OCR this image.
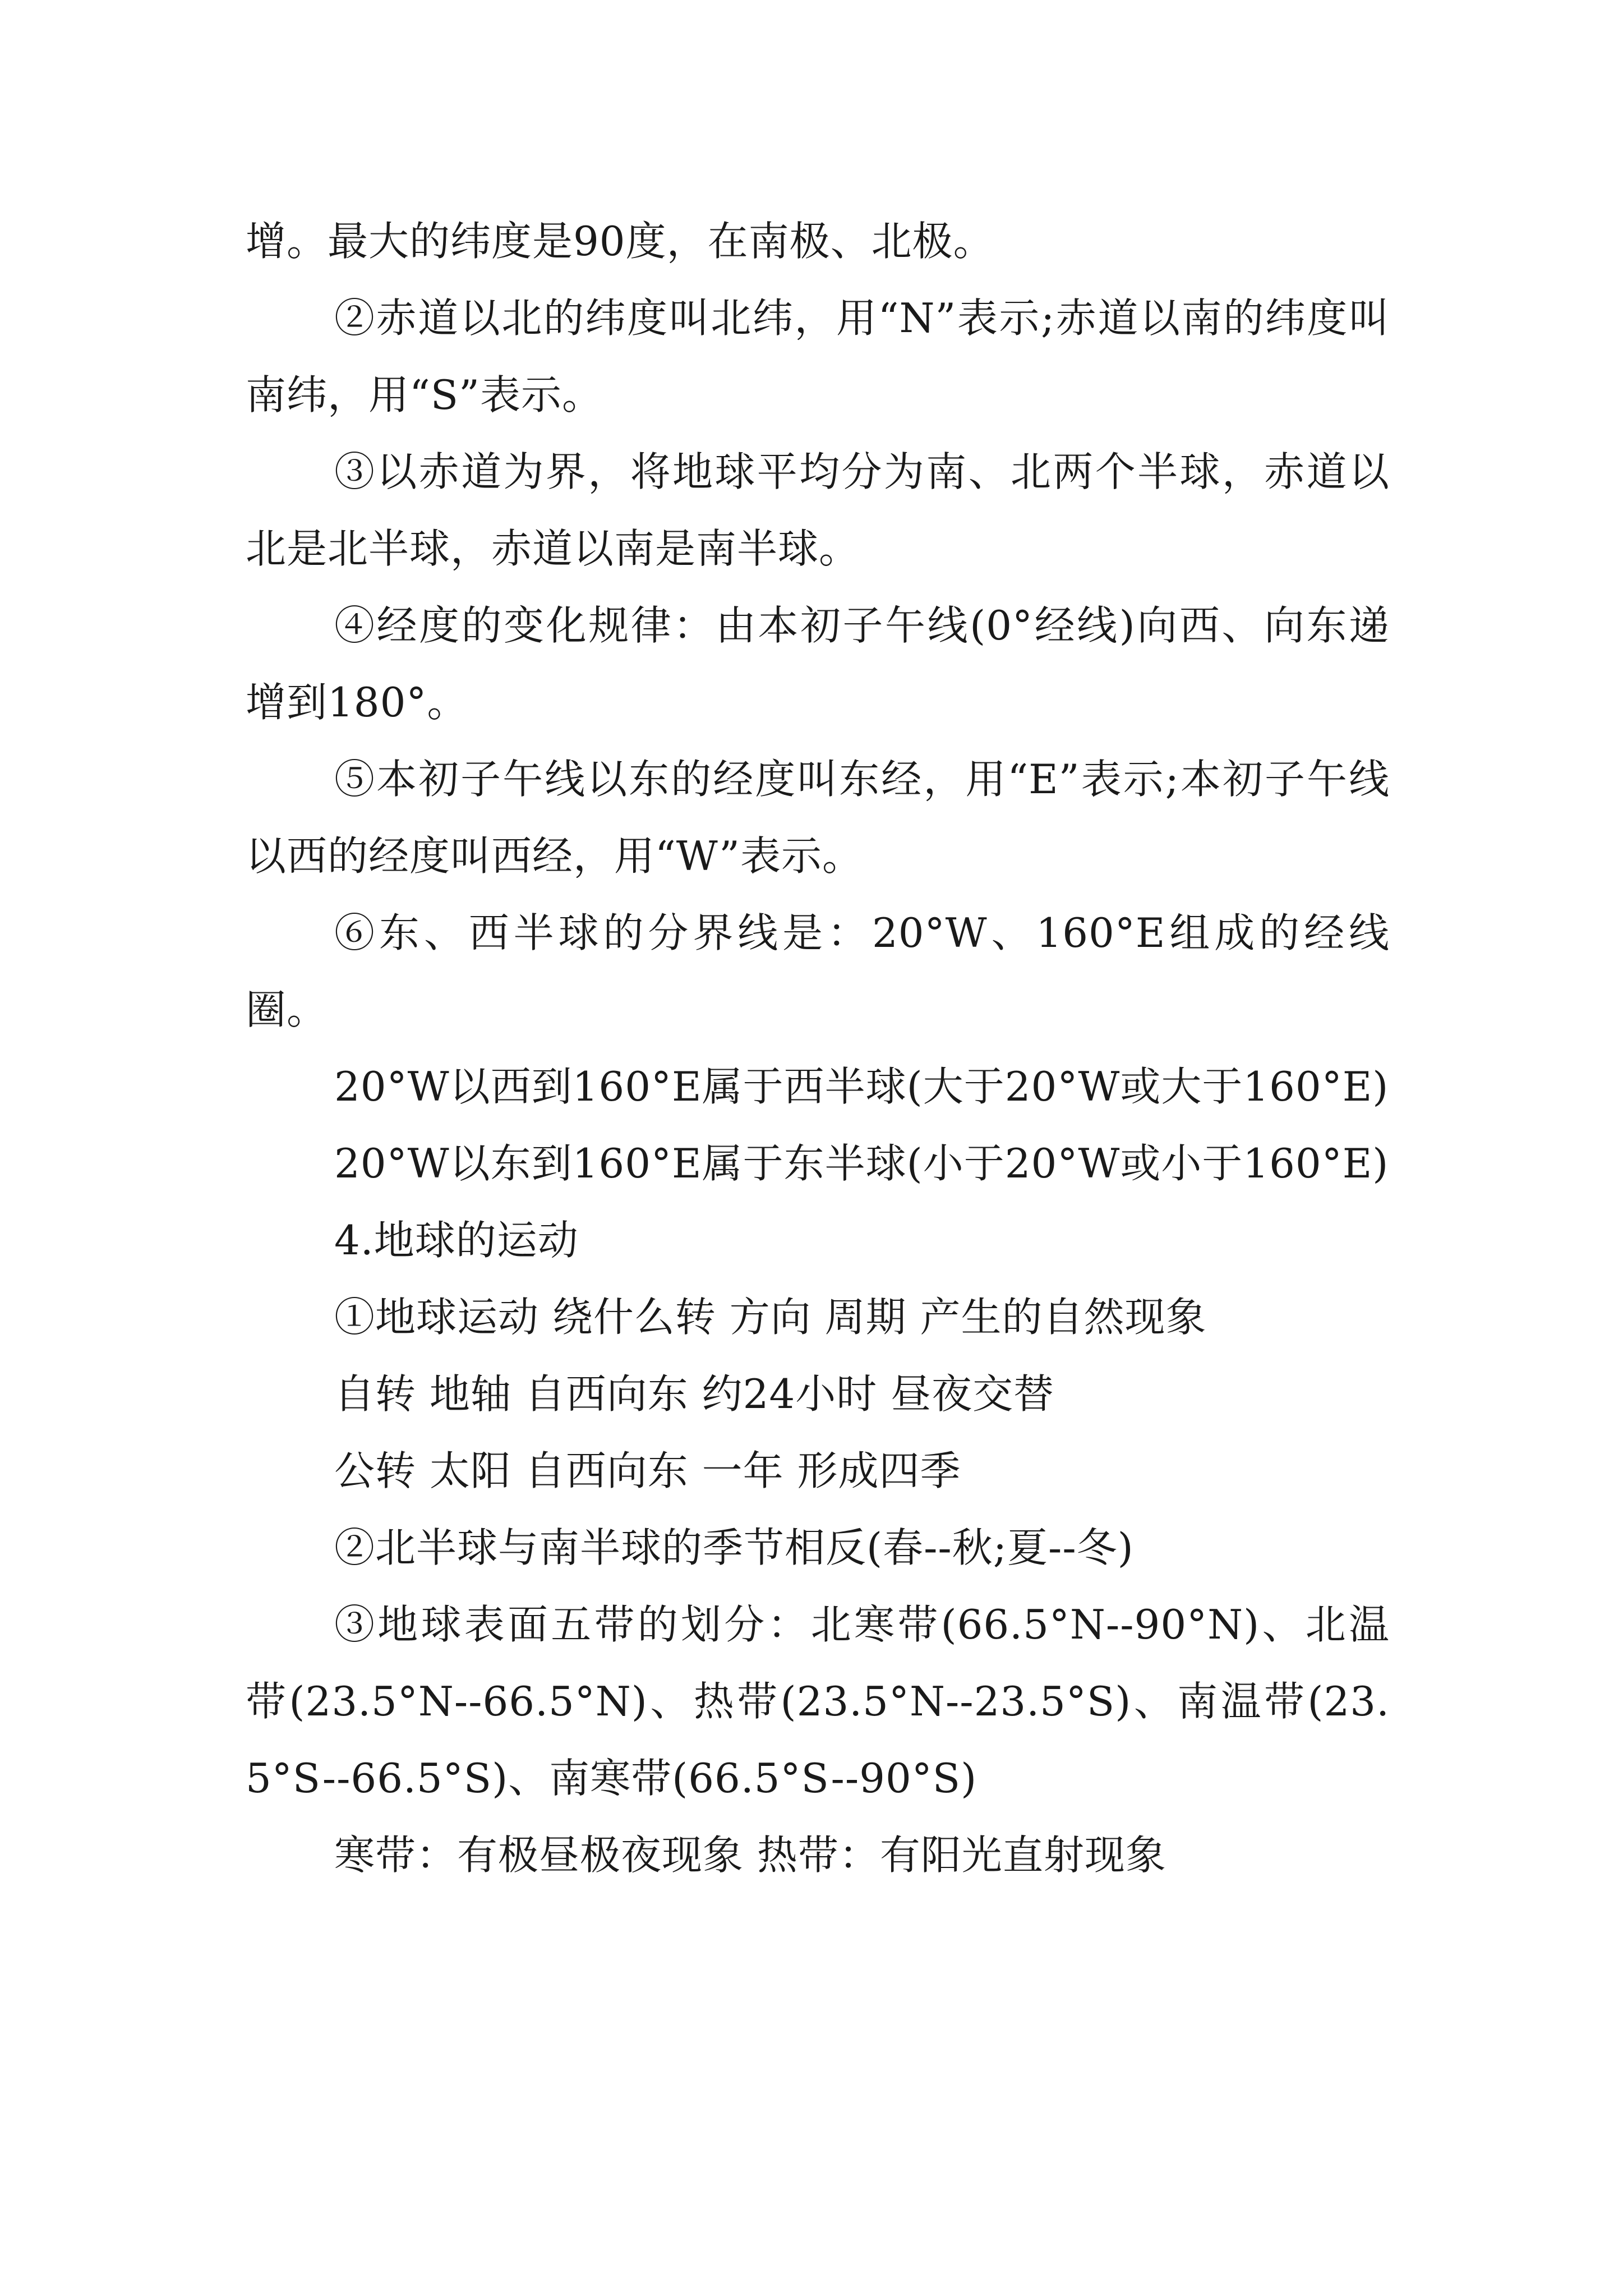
增。最大的纬度是90度，在南极、北极。

②赤道以北的纬度叫北纬，用“N”表示;赤道以南的纬度叫南纬，用“S”表示。

③以赤道为界，将地球平均分为南、北两个半球，赤道以北是北半球，赤道以南是南半球。

④经度的变化规律：由本初子午线(0°经线)向西、向东递增到180°。

⑤本初子午线以东的经度叫东经，用“E”表示;本初子午线以西的经度叫西经，用“W”表示。

⑥东、西半球的分界线是：20°W、160°E组成的经线圈。

20°W以西到160°E属于西半球(大于20°W或大于160°E)

20°W以东到160°E属于东半球(小于20°W或小于160°E)

4.地球的运动

①地球运动 绕什么转 方向 周期 产生的自然现象

自转 地轴 自西向东 约24小时 昼夜交替

公转 太阳 自西向东 一年 形成四季

②北半球与南半球的季节相反(春--秋;夏--冬)

③地球表面五带的划分：北寒带(66.5°N--90°N)、北温带(23.5°N--66.5°N)、热带(23.5°N--23.5°S)、南温带(23.5°S--66.5°S)、南寒带(66.5°S--90°S)

寒带：有极昼极夜现象 热带：有阳光直射现象
